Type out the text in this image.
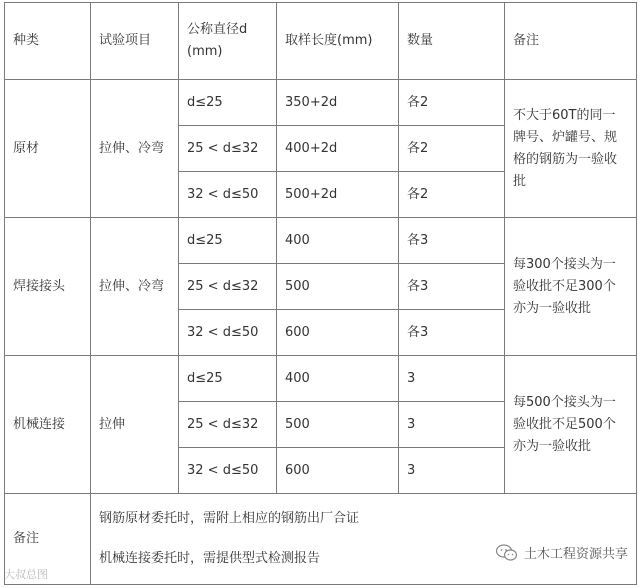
种类	试验项目	公称直径d
(mm)	取样长度(mm)	数量	备注
原材	拉伸、冷弯	d≤25	350+2d	各2	不大于60T的同一
牌号、炉罐号、规
格的钢筋为一验收
批

		25 < d≤32	400+2d	各2	
		32 < d≤50	500+2d	各2	
焊接接头	拉伸、冷弯	d≤25	400	各3	每300个接头为一
验收批不足300个
亦为一验收批

		25 < d≤32	500	各3	
		32 < d≤50	600	各3	
机械连接	拉伸	d≤25	400	3	每500个接头为一
验收批不足500个
亦为一验收批

		25 < d≤32	500	3	
		32 < d≤50	600	3	
备注	钢筋原材委托时，需附上相应的钢筋出厂合证

机械连接委托时，需提供型式检测报告				

大叔总图
土木工程资源共享
